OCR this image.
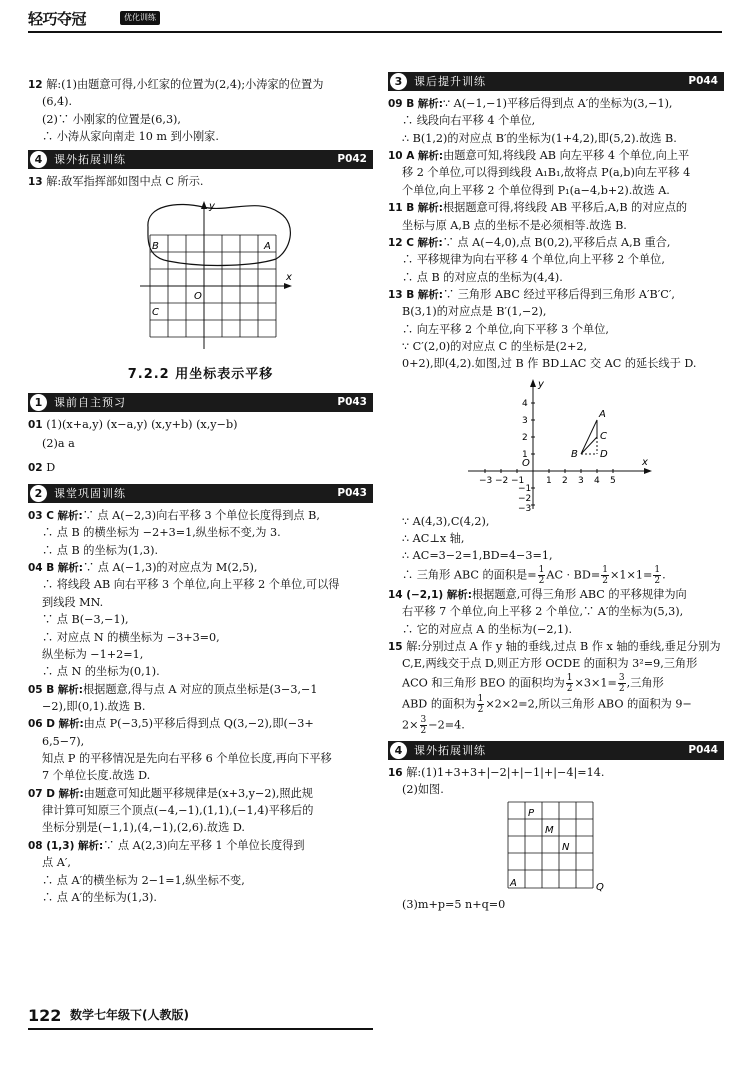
轻巧夺冠	优化训练

12 解:(1)由题意可得,小红家的位置为(2,4);小涛家的位置为

(6,4).

(2)∵ 小刚家的位置是(6,3),

∴ 小涛从家向南走 10 m 到小刚家.

4	课外拓展训练	P042

13 解:敌军指挥部如图中点 C 所示.

B	A
O
C
x
y
7.2.2 用坐标表示平移
1	课前自主预习	P043

01 (1)(x+a,y) (x−a,y) (x,y+b) (x,y−b)

(2)a a

02 D

2	课堂巩固训练	P043

03 C 解析:∵ 点 A(−2,3)向右平移 3 个单位长度得到点 B,

∴ 点 B 的横坐标为 −2+3=1,纵坐标不变,为 3.

∴ 点 B 的坐标为(1,3).

04 B 解析:∵ 点 A(−1,3)的对应点为 M(2,5),

∴ 将线段 AB 向右平移 3 个单位,向上平移 2 个单位,可以得

到线段 MN.

∵ 点 B(−3,−1),

∴ 对应点 N 的横坐标为 −3+3=0,

纵坐标为 −1+2=1,

∴ 点 N 的坐标为(0,1).

05 B 解析:根据题意,得与点 A 对应的顶点坐标是(3−3,−1

−2),即(0,1).故选 B.

06 D 解析:由点 P(−3,5)平移后得到点 Q(3,−2),即(−3+

6,5−7),

知点 P 的平移情况是先向右平移 6 个单位长度,再向下平移

7 个单位长度.故选 D.

07 D 解析:由题意可知此题平移规律是(x+3,y−2),照此规

律计算可知原三个顶点(−4,−1),(1,1),(−1,4)平移后的

坐标分别是(−1,1),(4,−1),(2,6).故选 D.

08 (1,3) 解析:∵ 点 A(2,3)向左平移 1 个单位长度得到

点 A′,

∴ 点 A′的横坐标为 2−1=1,纵坐标不变,

∴ 点 A′的坐标为(1,3).

3	课后提升训练	P044

09 B 解析:∵ A(−1,−1)平移后得到点 A′的坐标为(3,−1),

∴ 线段向右平移 4 个单位,

∴ B(1,2)的对应点 B′的坐标为(1+4,2),即(5,2).故选 B.

10 A 解析:由题意可知,将线段 AB 向左平移 4 个单位,向上平

移 2 个单位,可以得到线段 A₁B₁,故将点 P(a,b)向左平移 4

个单位,向上平移 2 个单位得到 P₁(a−4,b+2).故选 A.

11 B 解析:根据题意可得,将线段 AB 平移后,A,B 的对应点的

坐标与原 A,B 点的坐标不是必须相等.故选 B.

12 C 解析:∵ 点 A(−4,0),点 B(0,2),平移后点 A,B 重合,

∴ 平移规律为向右平移 4 个单位,向上平移 2 个单位,

∴ 点 B 的对应点的坐标为(4,4).

13 B 解析:∵ 三角形 ABC 经过平移后得到三角形 A′B′C′,

B(3,1)的对应点是 B′(1,−2),

∴ 向左平移 2 个单位,向下平移 3 个单位,

∵ C′(2,0)的对应点 C 的坐标是(2+2,

0+2),即(4,2).如图,过 B 作 BD⊥AC 交 AC 的延长线于 D.

y
x
O
A
B
C
D
−3 −2 −1 1 2 3 4 5
4
3
2
1
−1
−2
−3

∵ A(4,3),C(4,2),

∴ AC⊥x 轴,

∴ AC=3−2=1,BD=4−3=1,

∴ 三角形 ABC 的面积是= $\frac{1}{2}$ AC · $BD= \frac{1}{2} \times 1\times 1= \frac{1}{2}$ .

14 (−2,1) 解析:根据题意,可得三角形 ABC 的平移规律为向

右平移 7 个单位,向上平移 2 个单位,∵ A′的坐标为(5,3),

∴ 它的对应点 A 的坐标为(−2,1).

15 解:分别过点 A 作 y 轴的垂线,过点 B 作 x 轴的垂线,垂足分别为

C,E,两线交于点 D,则正方形 OCDE 的面积为 3²=9,三角形

ACO 和三角形 BEO 的面积均为 $\frac{1}{2} \times 3\times 1= \frac{3}{2}$ ,三角形

ABD 的面积为 $\frac{1}{2} \times 2\times 2=2$,所以三角形 ABO 的面积为 9−

$2\times \frac{3}{2} -2=4$.

4	课外拓展训练	P044

16 解:(1)1+3+3+|−2|+|−1|+|−4|=14.

(2)如图.

P
M
N
A	Q

(3)m+p=5 n+q=0

122 数学七年级下(人教版)
